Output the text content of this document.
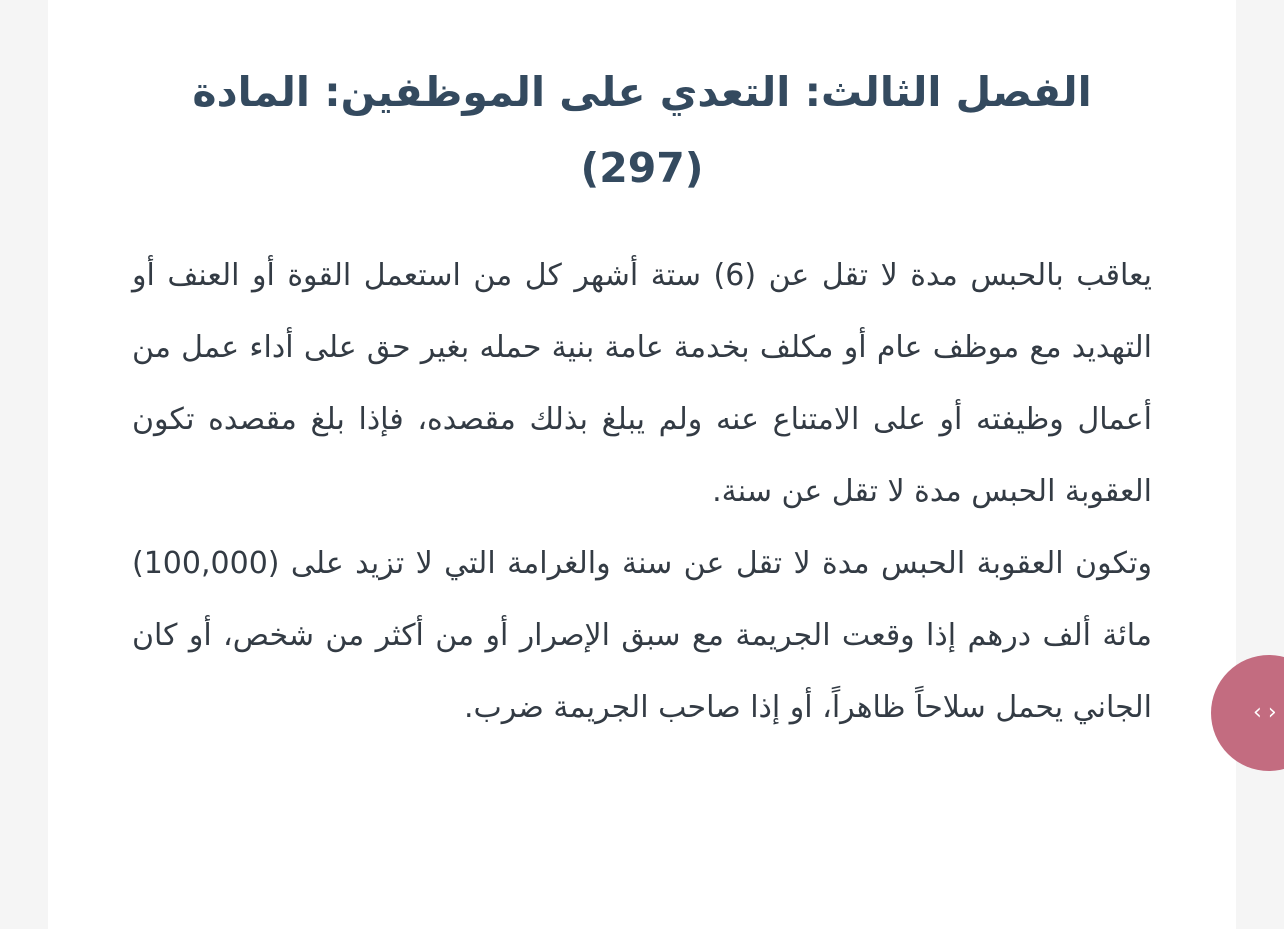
الفصل الثالث: التعدي على الموظفين: المادة (297)

يعاقب بالحبس مدة لا تقل عن (6) ستة أشهر كل من استعمل القوة أو العنف أو التهديد مع موظف عام أو مكلف بخدمة عامة بنية حمله بغير حق على أداء عمل من أعمال وظيفته أو على الامتناع عنه ولم يبلغ بذلك مقصده، فإذا بلغ مقصده تكون العقوبة الحبس مدة لا تقل عن سنة.

وتكون العقوبة الحبس مدة لا تقل عن سنة والغرامة التي لا تزيد على (100,000) مائة ألف درهم إذا وقعت الجريمة مع سبق الإصرار أو من أكثر من شخص، أو كان الجاني يحمل سلاحاً ظاهراً، أو إذا صاحب الجريمة ضرب.	‹ ›
